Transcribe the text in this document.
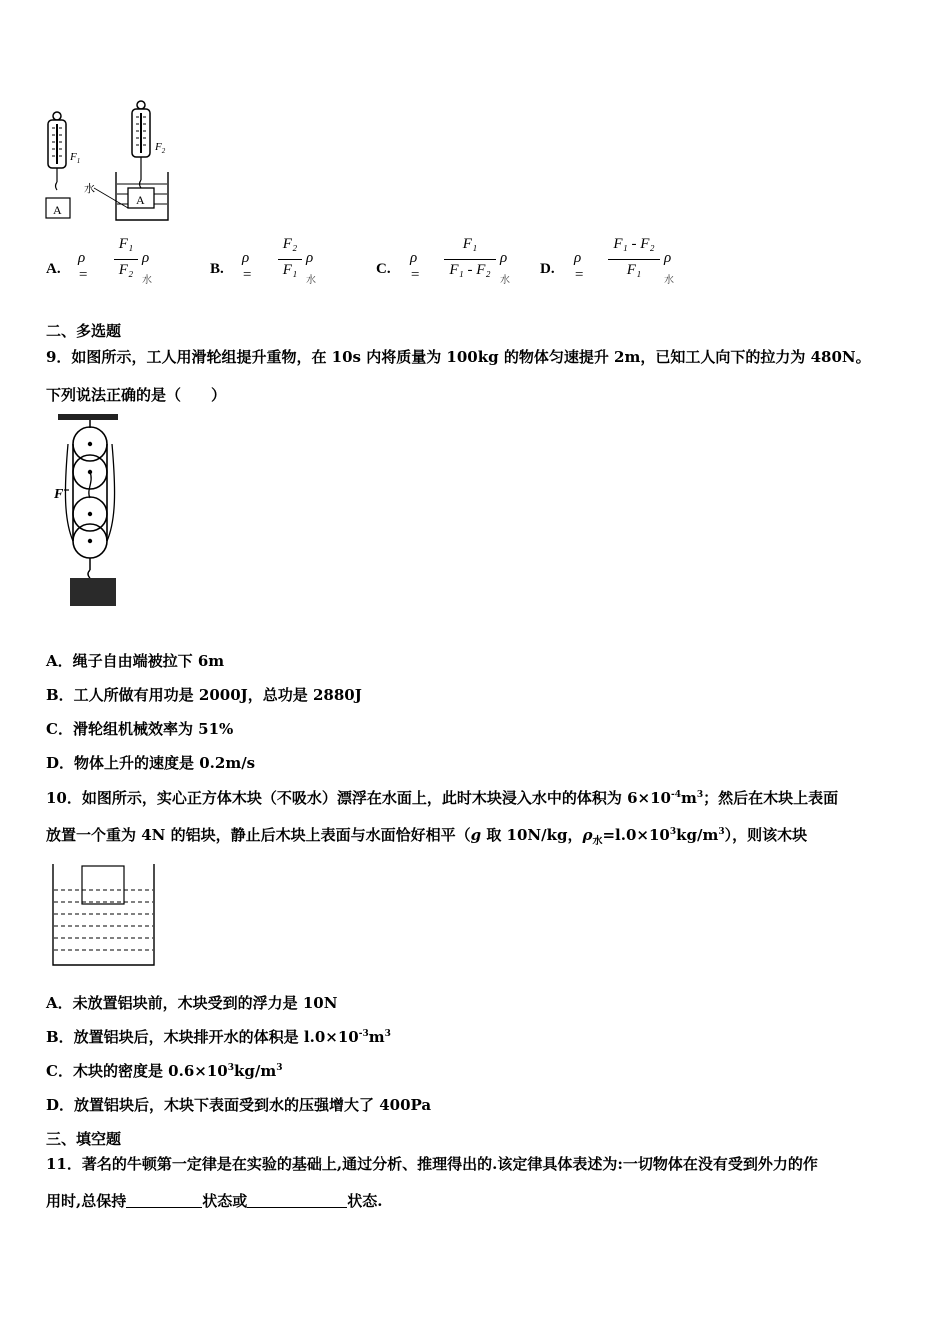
A
$F_1$
$F_2$
A
水
A.
ρ =
F₁
F₂
$\rho_水$
B.
ρ =
F₂
F₁
$\rho_水$
C.
ρ =
F₁
F₁ - F₂
$\rho_水$
D.
ρ =
F₁ - F₂
F₁
$\rho_水$
二、多选题
9．如图所示，工人用滑轮组提升重物，在 10s 内将质量为 100kg 的物体匀速提升 2m，已知工人向下的拉力为 480N。
下列说法正确的是（　　）
F
A．绳子自由端被拉下 6m
B．工人所做有用功是 2000J，总功是 2880J
C．滑轮组机械效率为 51%
D．物体上升的速度是 0.2m/s
10．如图所示，实心正方体木块（不吸水）漂浮在水面上，此时木块浸入水中的体积为 $6\times 10^{-4}m^3$；然后在木块上表面
放置一个重为 4N 的铝块，静止后木块上表面与水面恰好相平（g 取 10N/kg，$\rho_水=l.0\times 10^3kg/m^3$），则该木块
A．未放置铝块前，木块受到的浮力是 10N
B．放置铝块后，木块排开水的体积是 $l.0\times 10^{-3}m^3$
C．木块的密度是 $0.6\times 10^3kg/m^3$
D．放置铝块后，木块下表面受到水的压强增大了 400Pa
三、填空题
11．著名的牛顿第一定律是在实验的基础上,通过分析、推理得出的.该定律具体表述为:一切物体在没有受到外力的作
用时,总保持	状态或	状态.
